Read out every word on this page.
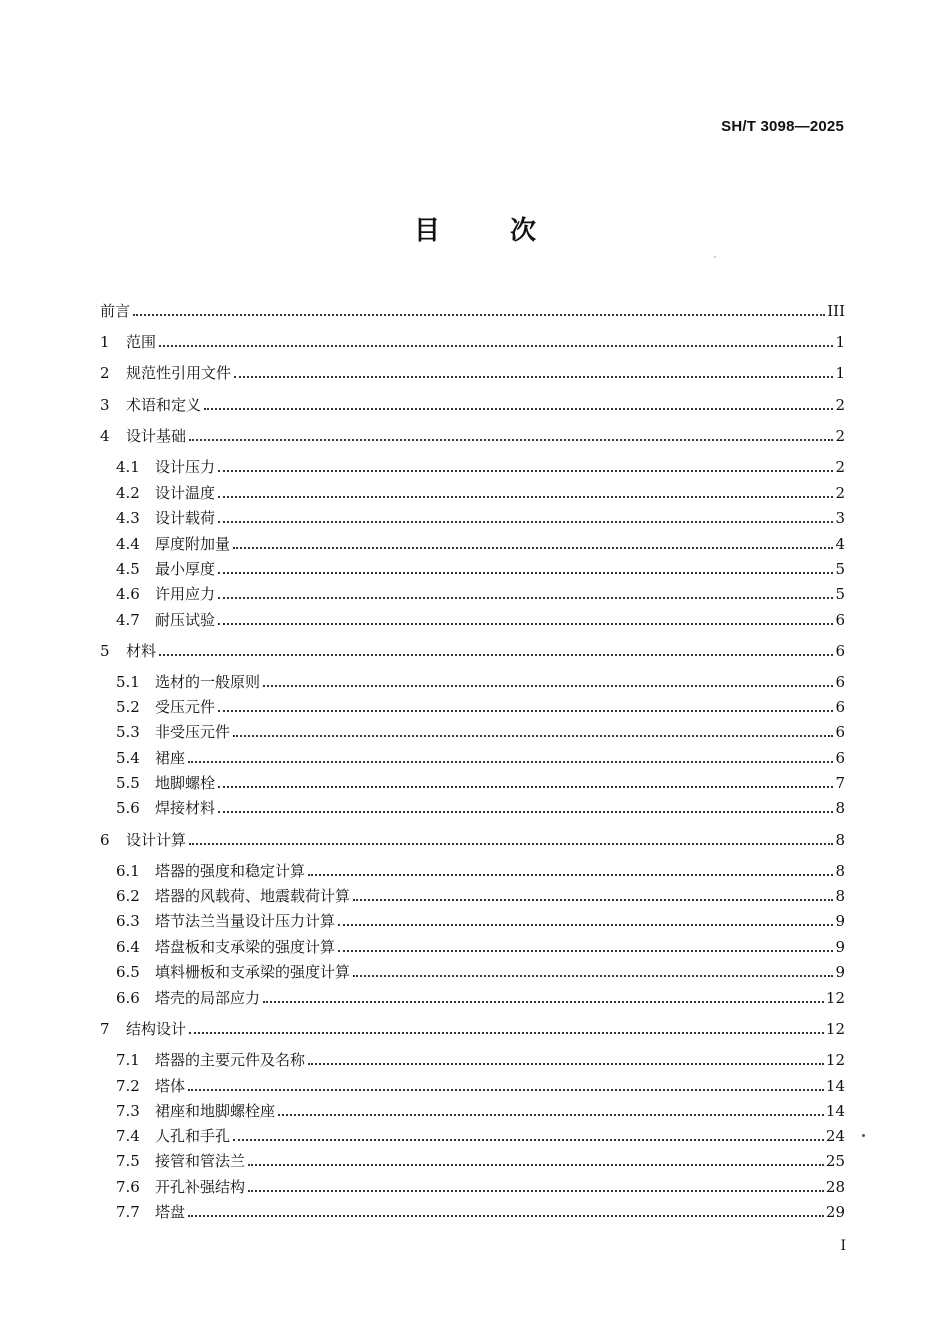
SH/T 3098—2025
目 次
前言	III
1	范围	1
2	规范性引用文件	1
3	术语和定义	2
4	设计基础	2
4.1	设计压力	2
4.2	设计温度	2
4.3	设计载荷	3
4.4	厚度附加量	4
4.5	最小厚度	5
4.6	许用应力	5
4.7	耐压试验	6
5	材料	6
5.1	选材的一般原则	6
5.2	受压元件	6
5.3	非受压元件	6
5.4	裙座	6
5.5	地脚螺栓	7
5.6	焊接材料	8
6	设计计算	8
6.1	塔器的强度和稳定计算	8
6.2	塔器的风载荷、地震载荷计算	8
6.3	塔节法兰当量设计压力计算	9
6.4	塔盘板和支承梁的强度计算	9
6.5	填料栅板和支承梁的强度计算	9
6.6	塔壳的局部应力	12
7	结构设计	12
7.1	塔器的主要元件及名称	12
7.2	塔体	14
7.3	裙座和地脚螺栓座	14
7.4	人孔和手孔	24
7.5	接管和管法兰	25
7.6	开孔补强结构	28
7.7	塔盘	29
I
